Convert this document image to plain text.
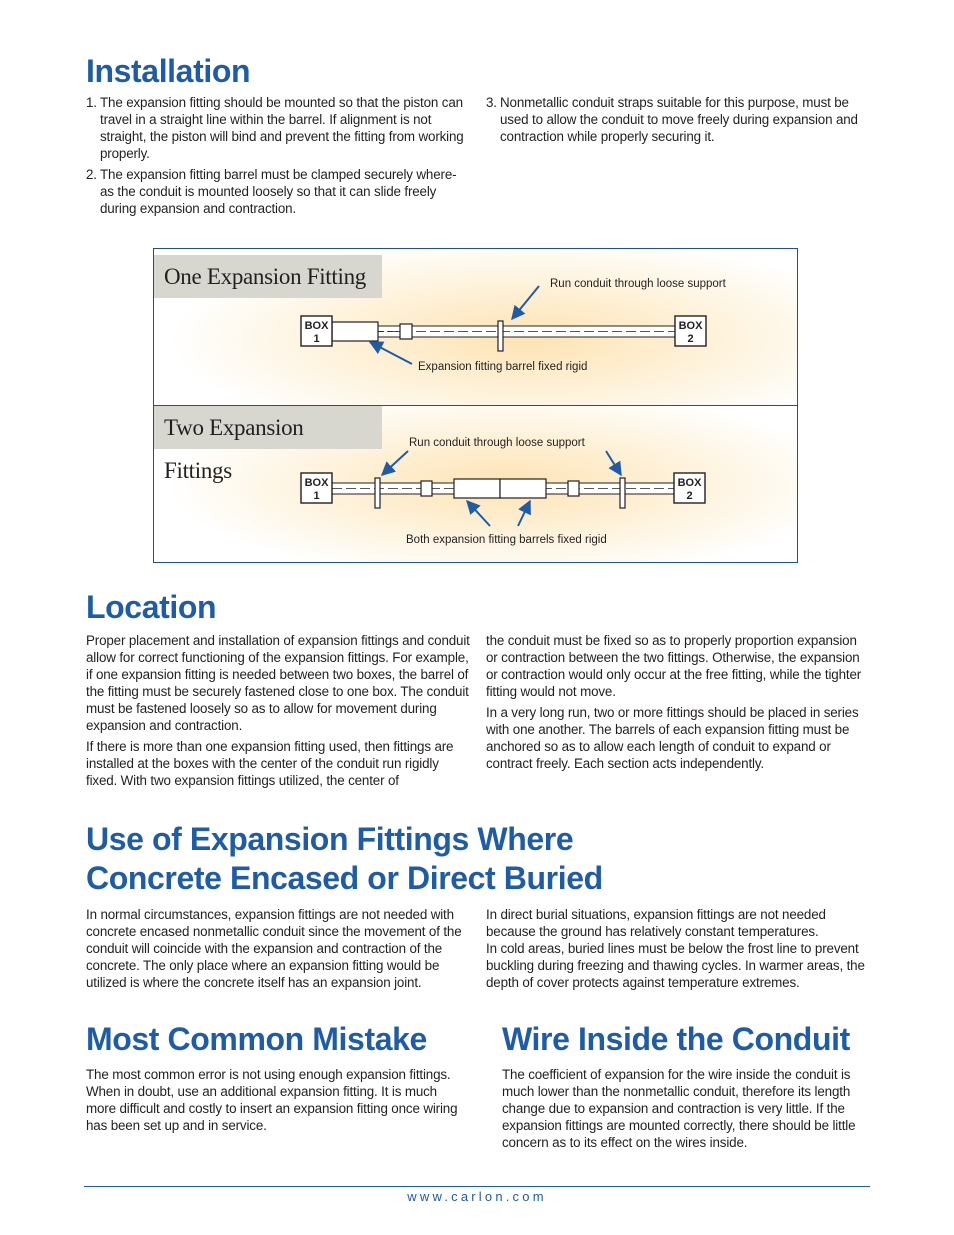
Installation
1. The expansion fitting should be mounted so that the piston can travel in a straight line within the barrel. If alignment is not straight, the piston will bind and prevent the fitting from working properly.
2. The expansion fitting barrel must be clamped securely where-as the conduit is mounted loosely so that it can slide freely during expansion and contraction.
3. Nonmetallic conduit straps suitable for this purpose, must be used to allow the conduit to move freely during expansion and contraction while properly securing it.
One Expansion Fitting
BOX
1
BOX
2
Run conduit through loose support
Expansion fitting barrel fixed rigid
Two Expansion Fittings	BOX
1
BOX
2
Run conduit through loose support
Both expansion fitting barrels fixed rigid
Location

Proper placement and installation of expansion fittings and conduit allow for correct functioning of the expansion fittings. For example, if one expansion fitting is needed between two boxes, the barrel of the fitting must be securely fastened close to one box. The conduit must be fastened loosely so as to allow for movement during expansion and contraction.

If there is more than one expansion fitting used, then fittings are installed at the boxes with the center of the conduit run rigidly fixed. With two expansion fittings utilized, the center of

the conduit must be fixed so as to properly proportion expansion or contraction between the two fittings. Otherwise, the expansion or contraction would only occur at the free fitting, while the tighter fitting would not move.

In a very long run, two or more fittings should be placed in series with one another. The barrels of each expansion fitting must be anchored so as to allow each length of conduit to expand or contract freely. Each section acts independently.

Use of Expansion Fittings Where
Concrete Encased or Direct Buried

In normal circumstances, expansion fittings are not needed with concrete encased nonmetallic conduit since the movement of the conduit will coincide with the expansion and contraction of the concrete. The only place where an expansion fitting would be utilized is where the concrete itself has an expansion joint.

In direct burial situations, expansion fittings are not needed because the ground has relatively constant temperatures.

In cold areas, buried lines must be below the frost line to prevent buckling during freezing and thawing cycles. In warmer areas, the depth of cover protects against temperature extremes.

Most Common Mistake

The most common error is not using enough expansion fittings. When in doubt, use an additional expansion fitting. It is much more difficult and costly to insert an expansion fitting once wiring has been set up and in service.

Wire Inside the Conduit

The coefficient of expansion for the wire inside the conduit is much lower than the nonmetallic conduit, therefore its length change due to expansion and contraction is very little. If the expansion fittings are mounted correctly, there should be little concern as to its effect on the wires inside.

www.carlon.com
